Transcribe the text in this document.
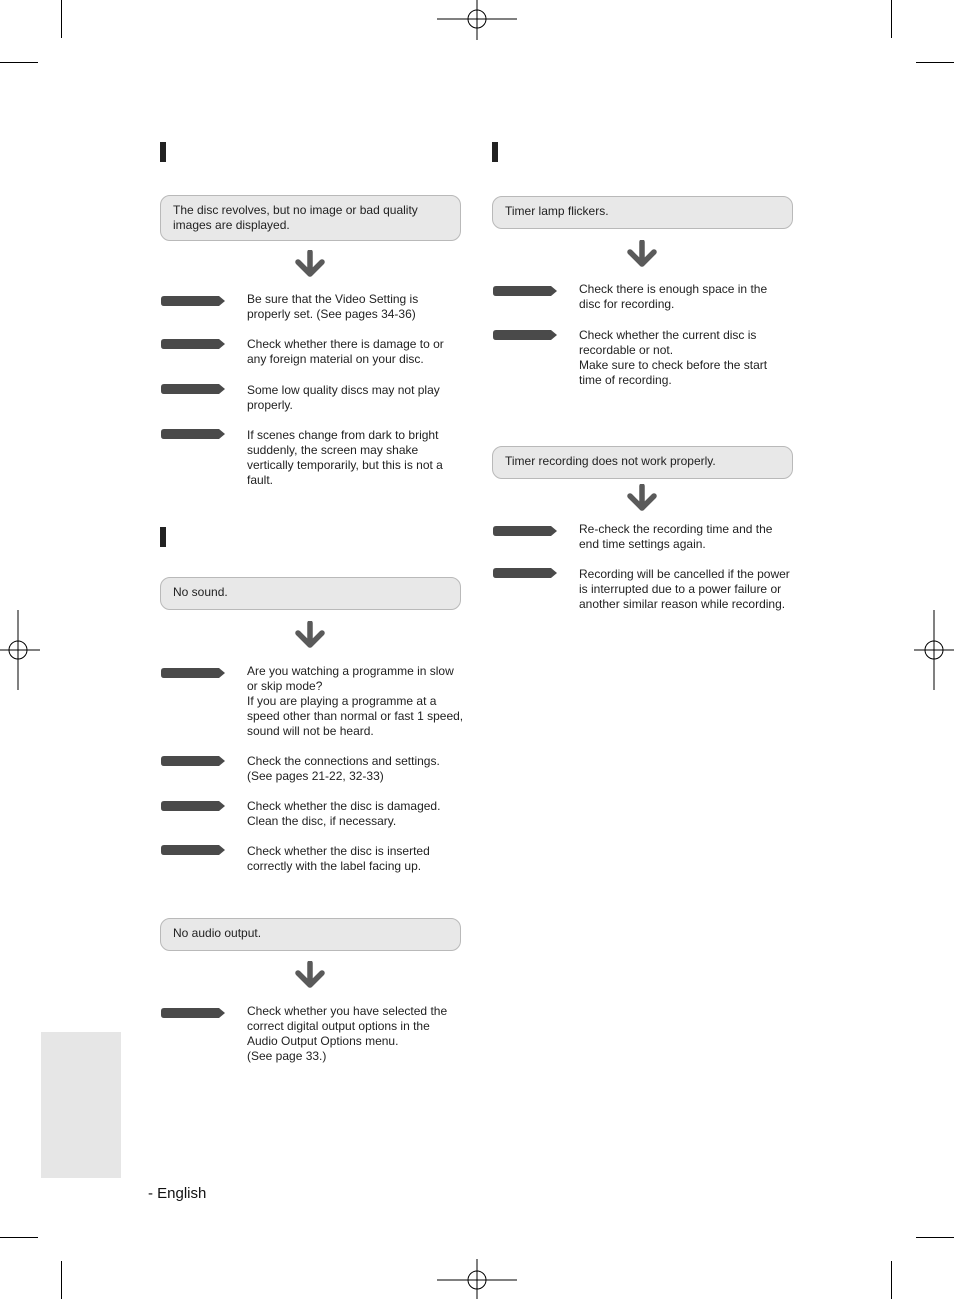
The disc revolves, but no image or bad quality images are displayed.
Be sure that the Video Setting is properly set. (See pages 34-36)
Check whether there is damage to or any foreign material on your disc.
Some low quality discs may not play properly.
If scenes change from dark to bright suddenly, the screen may shake vertically temporarily, but this is not a fault.
No sound.
Are you watching a programme in slow or skip mode?
If you are playing a programme at a speed other than normal or fast 1 speed, sound will not be heard.
Check the connections and settings. (See pages 21-22, 32-33)
Check whether the disc is damaged. Clean the disc, if necessary.
Check whether the disc is inserted correctly with the label facing up.
No audio output.
Check whether you have selected the correct digital output options in the Audio Output Options menu.
(See page 33.)
Timer lamp flickers.
Check there is enough space in the disc for recording.
Check whether the current disc is recordable or not.
Make sure to check before the start time of recording.
Timer recording does not work properly.
Re-check the recording time and the end time settings again.
Recording will be cancelled if the power is interrupted due to a power failure or another similar reason while recording.
- English
